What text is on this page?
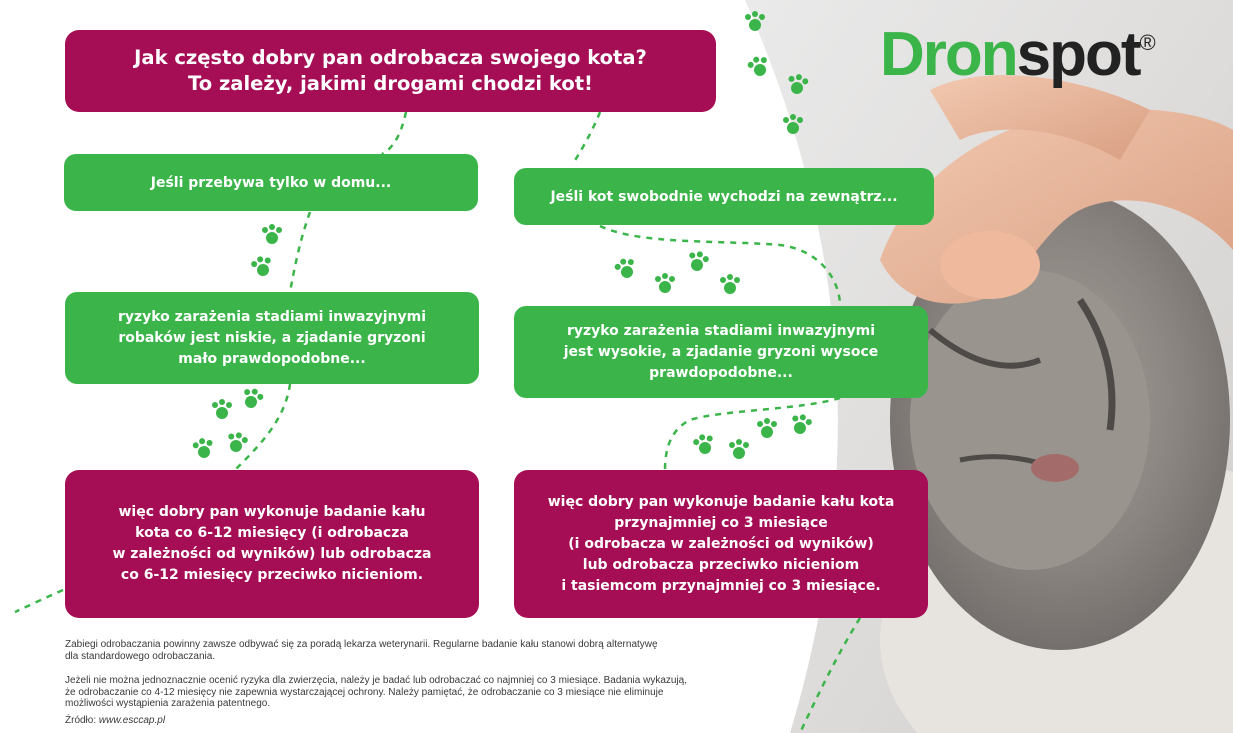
Dronspot®
Jak często dobry pan odrobacza swojego kota?
To zależy, jakimi drogami chodzi kot!
Jeśli przebywa tylko w domu...
ryzyko zarażenia stadiami inwazyjnymi
robaków jest niskie, a zjadanie gryzoni
mało prawdopodobne...
więc dobry pan wykonuje badanie kału
kota co 6-12 miesięcy (i odrobacza
w zależności od wyników) lub odrobacza
co 6-12 miesięcy przeciwko nicieniom.
Jeśli kot swobodnie wychodzi na zewnątrz...
ryzyko zarażenia stadiami inwazyjnymi
jest wysokie, a zjadanie gryzoni wysoce
prawdopodobne...
więc dobry pan wykonuje badanie kału kota
przynajmniej co 3 miesiące
(i odrobacza w zależności od wyników)
lub odrobacza przeciwko nicieniom
i tasiemcom przynajmniej co 3 miesiące.

Zabiegi odrobaczania powinny zawsze odbywać się za poradą lekarza weterynarii. Regularne badanie kału stanowi dobrą alternatywę
dla standardowego odrobaczania.

Jeżeli nie można jednoznacznie ocenić ryzyka dla zwierzęcia, należy je badać lub odrobaczać co najmniej co 3 miesiące. Badania wykazują,
że odrobaczanie co 4-12 miesięcy nie zapewnia wystarczającej ochrony. Należy pamiętać, że odrobaczanie co 3 miesiące nie eliminuje
możliwości wystąpienia zarażenia patentnego.

Źródło: www.esccap.pl
